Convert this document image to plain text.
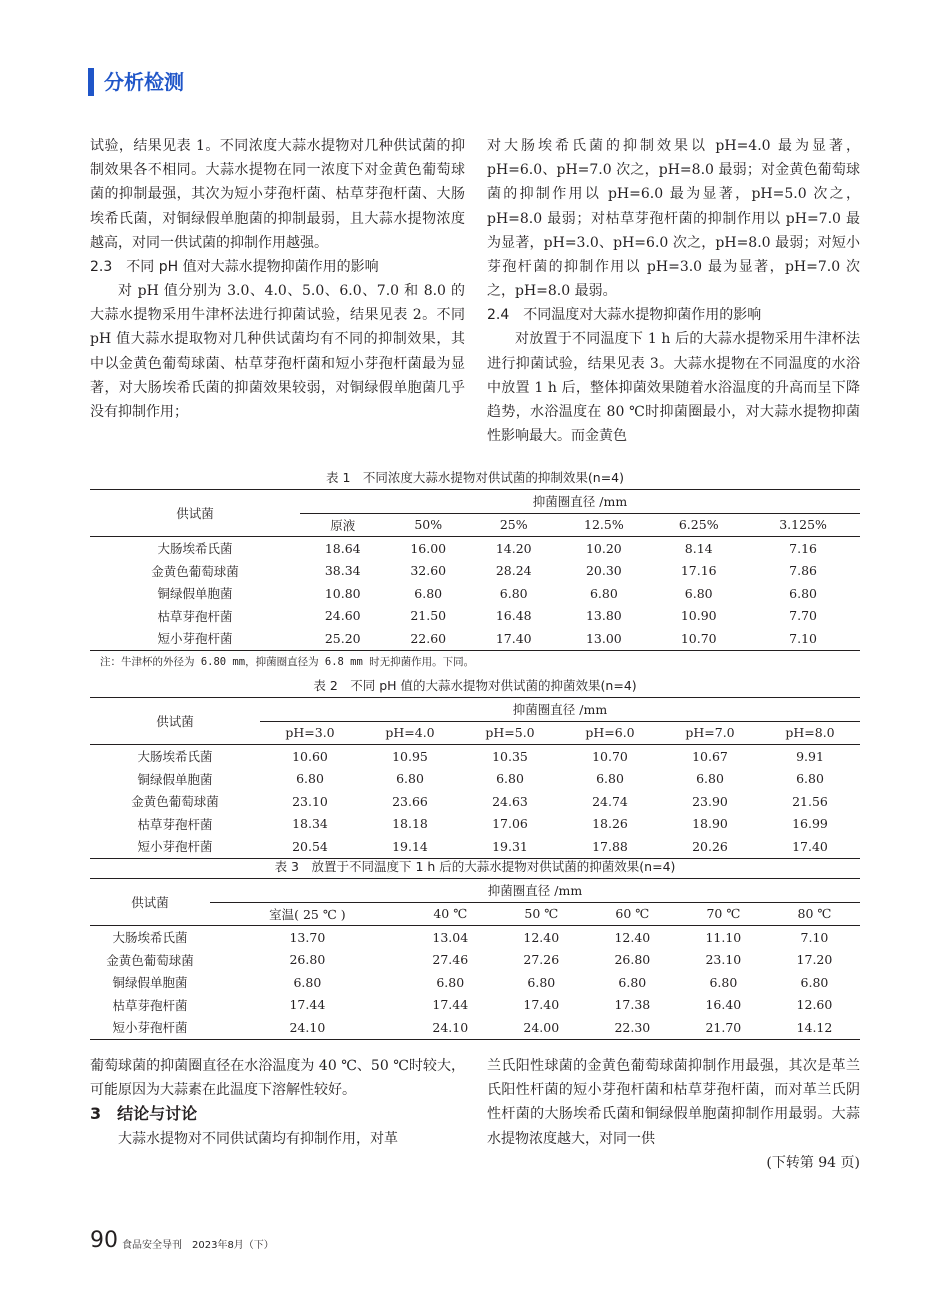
分析检测

试验，结果见表 1。不同浓度大蒜水提物对几种供试菌的抑制效果各不相同。大蒜水提物在同一浓度下对金黄色葡萄球菌的抑制最强，其次为短小芽孢杆菌、枯草芽孢杆菌、大肠埃希氏菌，对铜绿假单胞菌的抑制最弱，且大蒜水提物浓度越高，对同一供试菌的抑制作用越强。

2.3　不同 pH 值对大蒜水提物抑菌作用的影响

对 pH 值分别为 3.0、4.0、5.0、6.0、7.0 和 8.0 的大蒜水提物采用牛津杯法进行抑菌试验，结果见表 2。不同 pH 值大蒜水提取物对几种供试菌均有不同的抑制效果，其中以金黄色葡萄球菌、枯草芽孢杆菌和短小芽孢杆菌最为显著，对大肠埃希氏菌的抑菌效果较弱，对铜绿假单胞菌几乎没有抑制作用；

对大肠埃希氏菌的抑制效果以 pH=4.0 最为显著，pH=6.0、pH=7.0 次之，pH=8.0 最弱；对金黄色葡萄球菌的抑制作用以 pH=6.0 最为显著，pH=5.0 次之，pH=8.0 最弱；对枯草芽孢杆菌的抑制作用以 pH=7.0 最为显著，pH=3.0、pH=6.0 次之，pH=8.0 最弱；对短小芽孢杆菌的抑制作用以 pH=3.0 最为显著，pH=7.0 次之，pH=8.0 最弱。

2.4　不同温度对大蒜水提物抑菌作用的影响

对放置于不同温度下 1 h 后的大蒜水提物采用牛津杯法进行抑菌试验，结果见表 3。大蒜水提物在不同温度的水浴中放置 1 h 后，整体抑菌效果随着水浴温度的升高而呈下降趋势，水浴温度在 80 ℃时抑菌圈最小，对大蒜水提物抑菌性影响最大。而金黄色

表 1　不同浓度大蒜水提物对供试菌的抑制效果(n=4)
供试菌	抑菌圈直径 /mm					
	原液	50%	25%	12.5%	6.25%	3.125%
大肠埃希氏菌	18.64	16.00	14.20	10.20	8.14	7.16
金黄色葡萄球菌	38.34	32.60	28.24	20.30	17.16	7.86
铜绿假单胞菌	10.80	6.80	6.80	6.80	6.80	6.80
枯草芽孢杆菌	24.60	21.50	16.48	13.80	10.90	7.70
短小芽孢杆菌	25.20	22.60	17.40	13.00	10.70	7.10
注：牛津杯的外径为 6.80 mm，抑菌圈直径为 6.8 mm 时无抑菌作用。下同。
表 2　不同 pH 值的大蒜水提物对供试菌的抑菌效果(n=4)
供试菌	抑菌圈直径 /mm					
	pH=3.0	pH=4.0	pH=5.0	pH=6.0	pH=7.0	pH=8.0
大肠埃希氏菌	10.60	10.95	10.35	10.70	10.67	9.91
铜绿假单胞菌	6.80	6.80	6.80	6.80	6.80	6.80
金黄色葡萄球菌	23.10	23.66	24.63	24.74	23.90	21.56
枯草芽孢杆菌	18.34	18.18	17.06	18.26	18.90	16.99
短小芽孢杆菌	20.54	19.14	19.31	17.88	20.26	17.40
表 3　放置于不同温度下 1 h 后的大蒜水提物对供试菌的抑菌效果(n=4)
供试菌	抑菌圈直径 /mm					
	室温( 25 ℃ )	40 ℃	50 ℃	60 ℃	70 ℃	80 ℃
大肠埃希氏菌	13.70	13.04	12.40	12.40	11.10	7.10
金黄色葡萄球菌	26.80	27.46	27.26	26.80	23.10	17.20
铜绿假单胞菌	6.80	6.80	6.80	6.80	6.80	6.80
枯草芽孢杆菌	17.44	17.44	17.40	17.38	16.40	12.60
短小芽孢杆菌	24.10	24.10	24.00	22.30	21.70	14.12

葡萄球菌的抑菌圈直径在水浴温度为 40 ℃、50 ℃时较大，可能原因为大蒜素在此温度下溶解性较好。

3　结论与讨论

大蒜水提物对不同供试菌均有抑制作用，对革

兰氏阳性球菌的金黄色葡萄球菌抑制作用最强，其次是革兰氏阳性杆菌的短小芽孢杆菌和枯草芽孢杆菌，而对革兰氏阴性杆菌的大肠埃希氏菌和铜绿假单胞菌抑制作用最弱。大蒜水提物浓度越大，对同一供

(下转第 94 页)

90 食品安全导刊　2023年8月（下）
